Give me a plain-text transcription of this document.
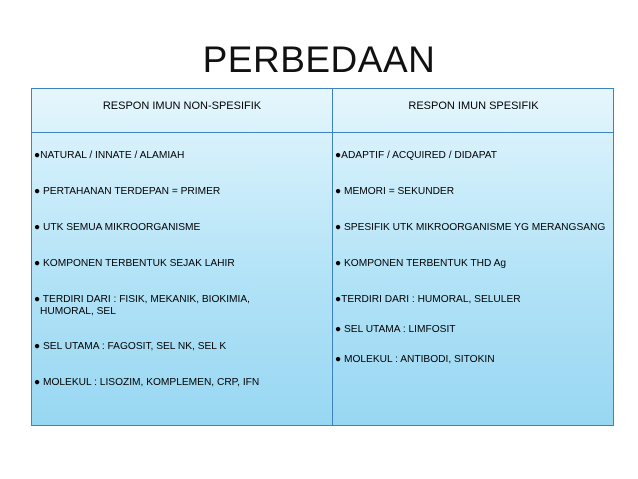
PERBEDAAN
RESPON IMUN NON-SPESIFIK	RESPON IMUN SPESIFIK
●NATURAL / INNATE / ALAMIAH
● PERTAHANAN TERDEPAN = PRIMER
● UTK SEMUA MIKROORGANISME
● KOMPONEN TERBENTUK SEJAK LAHIR
● TERDIRI DARI : FISIK, MEKANIK, BIOKIMIA,
HUMORAL, SEL
● SEL UTAMA : FAGOSIT, SEL NK, SEL K
● MOLEKUL : LISOZIM, KOMPLEMEN, CRP, IFN
●ADAPTIF / ACQUIRED / DIDAPAT
● MEMORI = SEKUNDER
● SPESIFIK UTK MIKROORGANISME YG MERANGSANG
● KOMPONEN TERBENTUK THD Ag
●TERDIRI DARI : HUMORAL, SELULER
● SEL UTAMA : LIMFOSIT
● MOLEKUL : ANTIBODI, SITOKIN
